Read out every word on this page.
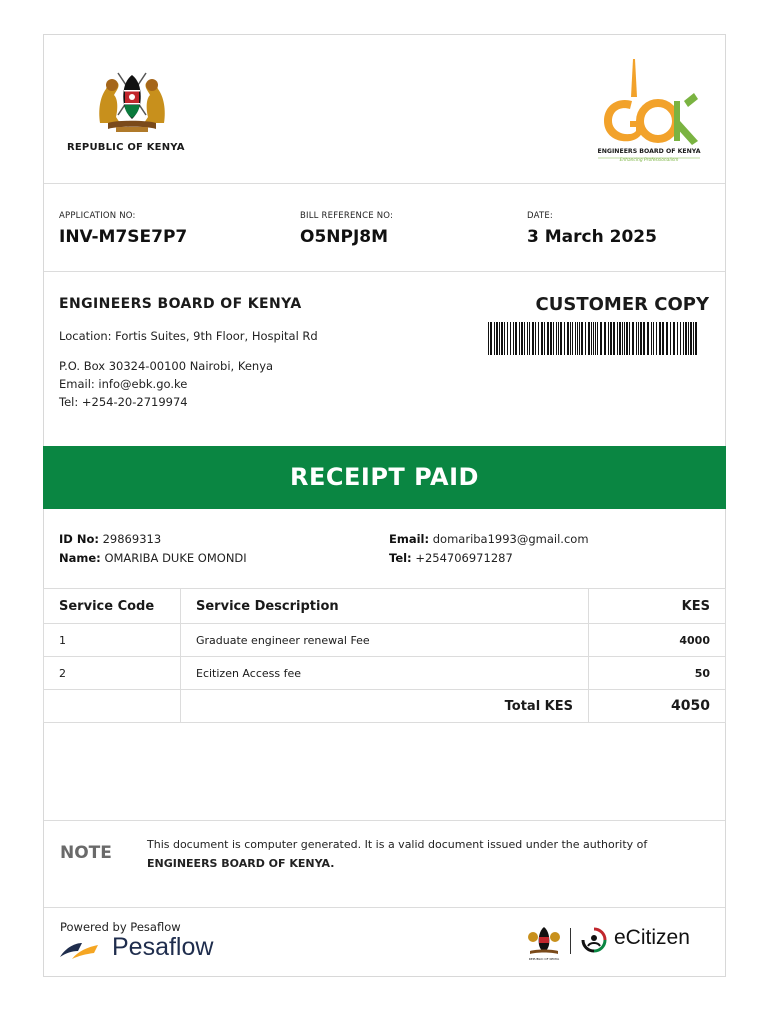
REPUBLIC OF KENYA	ENGINEERS BOARD OF KENYA
Enhancing Professionalism
APPLICATION NO:
INV-M7SE7P7
BILL REFERENCE NO:
O5NPJ8M
DATE:
3 March 2025
ENGINEERS BOARD OF KENYA
Location: Fortis Suites, 9th Floor, Hospital Rd
P.O. Box 30324-00100 Nairobi, Kenya
Email: info@ebk.go.ke
Tel: +254-20-2719974
CUSTOMER COPY
RECEIPT PAID
ID No: 29869313
Name: OMARIBA DUKE OMONDI
Email: domariba1993@gmail.com
Tel: +254706971287
Service Code	Service Description	KES
1	Graduate engineer renewal Fee	4000
2	Ecitizen Access fee	50
	Total KES	4050
NOTE	This document is computer generated. It is a valid document issued under the authority of
ENGINEERS BOARD OF KENYA.
Powered by Pesaflow
Pesaflow	REPUBLIC OF KENYA
eCitizen
